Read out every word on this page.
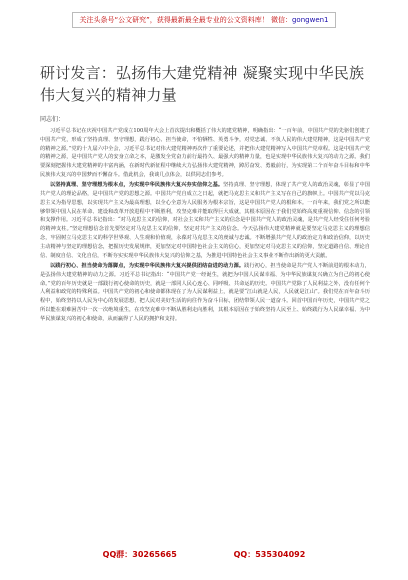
关注头条号“公文研究”，获得最新最全最专业的公文资料库！ 微信：gongwen1
研讨发言：弘扬伟大建党精神 凝聚实现中华民族伟大复兴的精神力量
同志们：

习近平总书记在庆祝中国共产党成立100周年大会上首次提出和概括了伟大的建党精神，明确指出：“一百年前，中国共产党的先驱们创建了中国共产党，形成了坚持真理、坚守理想，践行初心、担当使命，不怕牺牲、英勇斗争，对党忠诚、不负人民的伟大建党精神，这是中国共产党的精神之源。”党的十九届六中全会，习近平总书记对伟大建党精神再次作了重要论述，并把伟大建党精神写入中国共产党章程。这是中国共产党的精神之源，是中国共产党人的安身立命之本，是激发全党奋力前行最持久、最强大的精神力量，也是实现中华民族伟大复兴的动力之源。我们要深刻把握伟大建党精神的丰富内涵，在新时代新征程中继续大力弘扬伟大建党精神，踔厉奋发、勇毅前行，为实现第二个百年奋斗目标和中华民族伟大复兴的中国梦而不懈奋斗。借此机会，我谈几点体会，以供同志们参考。

以坚持真理、坚守理想为根本点，为实现中华民族伟大复兴夯实信仰之基。坚持真理、坚守理想，体现了共产党人的政治灵魂，彰显了中国共产党人的理论品格，是中国共产党的思想之源。中国共产党自成立之日起，就把马克思主义和共产主义写在自己的旗帜上。中国共产党以马克思主义为指导思想，以实现共产主义为最高理想，以全心全意为人民服务为根本宗旨，这是中国共产党人的根和本。一百年来，我们党之所以能够带领中国人民在革命、建设和改革开放进程中不断胜利，攻坚克难并能取得巨大成就，其根本原因在于我们党始终高度重视信仰、信念的引领和支撑作用。习近平总书记指出：“对马克思主义的信仰，对社会主义和共产主义的信念是中国共产党人的政治灵魂，是共产党人经受住任何考验的精神支柱。”坚定理想信念首先要坚定对马克思主义的信仰，坚定对共产主义的信念。今天弘扬伟大建党精神就是要坚定马克思主义的理想信念，牢固树立马克思主义的科学世界观、人生观和价值观，永葆对马克思主义的虔诚与忠诚。不断增强共产党人的政治定力和政治信仰，以历史主动精神与坚定的理想信念，把握历史发展规律，更加坚定对中国特色社会主义的信心，更加坚定对马克思主义的信仰，坚定道路自信、理论自信、制度自信、文化自信，不断夯实实现中华民族伟大复兴的信仰之基，为推进中国特色社会主义事业不断作出新的更大贡献。

以践行初心、担当使命为落脚点，为实现中华民族伟大复兴提供团结奋进的动力源。践行初心，担当使命是共产党人不断前进的根本动力，是弘扬伟大建党精神的动力之源。习近平总书记指出：“中国共产党一经诞生，就把为中国人民谋幸福、为中华民族谋复兴确立为自己的初心使命。”党的百年历史就是一部践行初心使命的历史，就是一部同人民心连心、同呼吸、共命运的历史。中国共产党除了人民利益之外，没有任何个人利益和政党的特殊利益。中国共产党的初心和使命都体现在了为人民谋利益上，就是要“江山就是人民，人民就是江山”。我们党在百年奋斗历程中，始终坚持以人民为中心的发展思想，把人民对美好生活的向往作为奋斗目标，团结带领人民一道奋斗。回首中国百年历史，中国共产党之所以能在艰难困苦中一次一次绝境重生，在攻坚克难中不断从胜利走向胜利，其根本原因在于始终坚持人民至上、始终践行为人民谋幸福、为中华民族谋复兴的初心和使命，从而赢得了人民的拥护和支持。

QQ群：30265665	QQ：535304092
